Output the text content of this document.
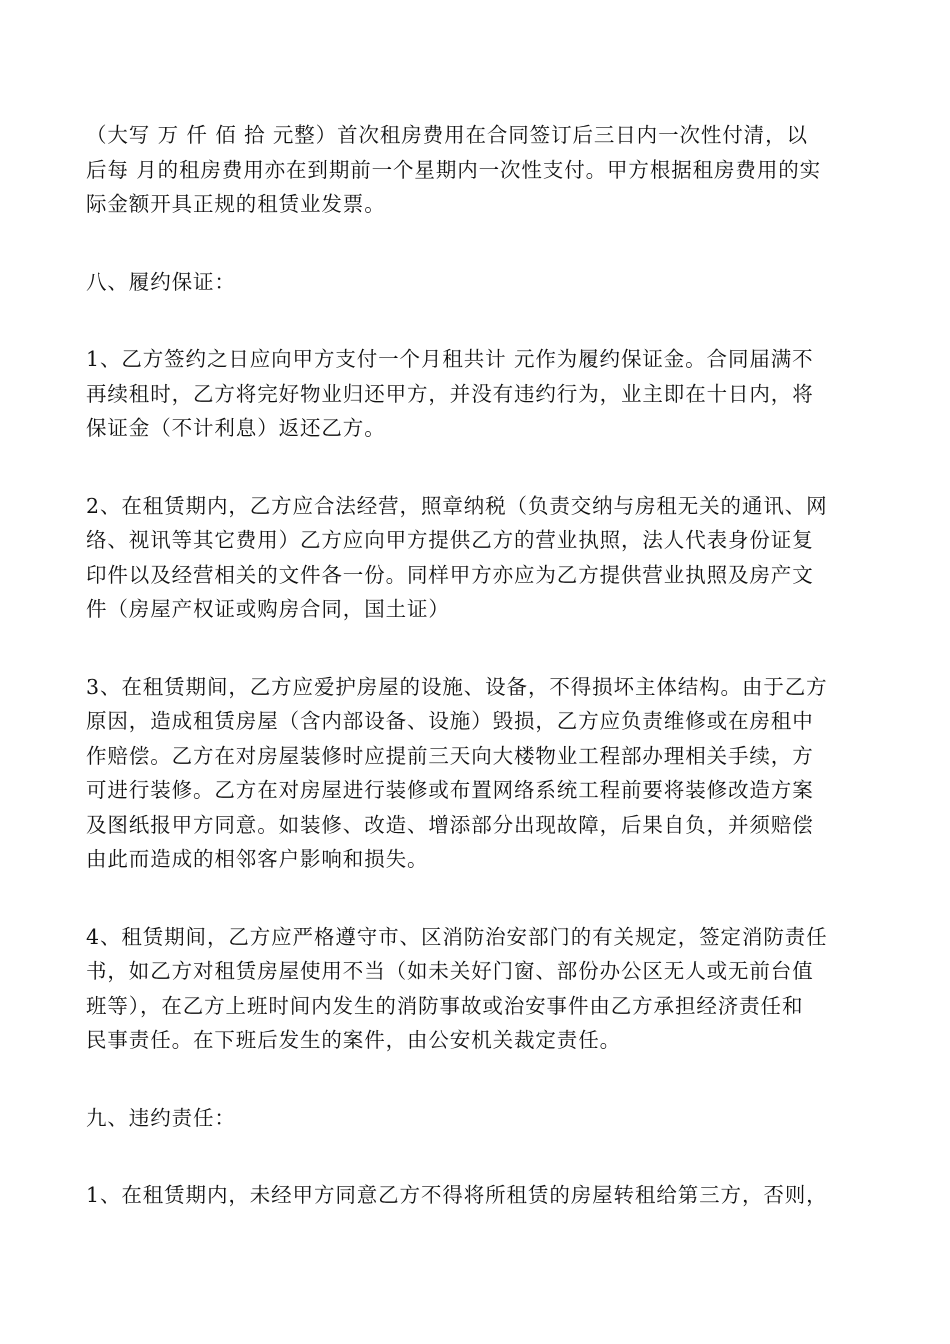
（大写 万 仟 佰 拾 元整）首次租房费用在合同签订后三日内一次性付清，以
后每 月的租房费用亦在到期前一个星期内一次性支付。甲方根据租房费用的实
际金额开具正规的租赁业发票。

八、履约保证：

1、乙方签约之日应向甲方支付一个月租共计 元作为履约保证金。合同届满不
再续租时，乙方将完好物业归还甲方，并没有违约行为，业主即在十日内，将
保证金（不计利息）返还乙方。

2、在租赁期内，乙方应合法经营，照章纳税（负责交纳与房租无关的通讯、网
络、视讯等其它费用）乙方应向甲方提供乙方的营业执照，法人代表身份证复
印件以及经营相关的文件各一份。同样甲方亦应为乙方提供营业执照及房产文
件（房屋产权证或购房合同，国土证）

3、在租赁期间，乙方应爱护房屋的设施、设备，不得损坏主体结构。由于乙方
原因，造成租赁房屋（含内部设备、设施）毁损，乙方应负责维修或在房租中
作赔偿。乙方在对房屋装修时应提前三天向大楼物业工程部办理相关手续，方
可进行装修。乙方在对房屋进行装修或布置网络系统工程前要将装修改造方案
及图纸报甲方同意。如装修、改造、增添部分出现故障，后果自负，并须赔偿
由此而造成的相邻客户影响和损失。

4、租赁期间，乙方应严格遵守市、区消防治安部门的有关规定，签定消防责任
书，如乙方对租赁房屋使用不当（如未关好门窗、部份办公区无人或无前台值
班等），在乙方上班时间内发生的消防事故或治安事件由乙方承担经济责任和
民事责任。在下班后发生的案件，由公安机关裁定责任。

九、违约责任：

1、在租赁期内，未经甲方同意乙方不得将所租赁的房屋转租给第三方，否则，
